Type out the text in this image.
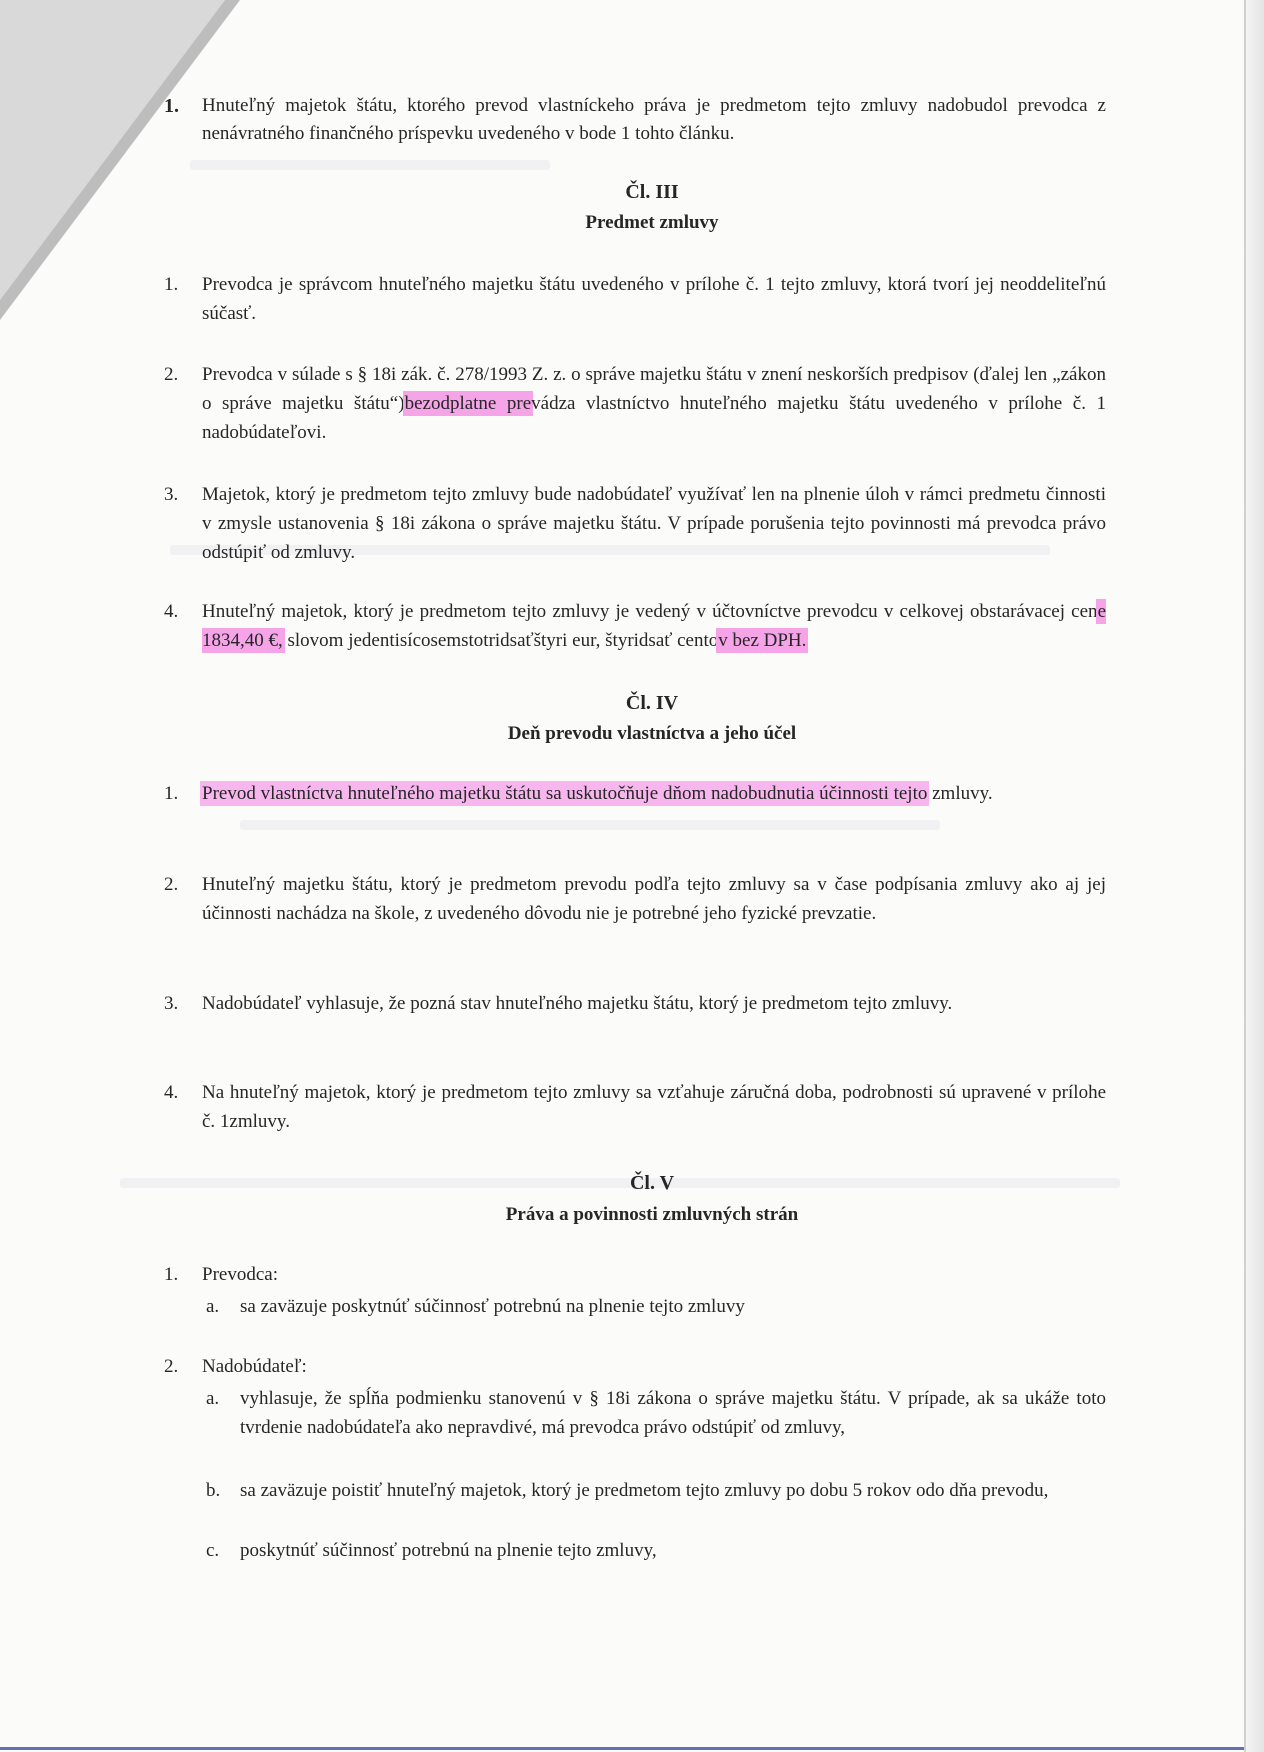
1.	Hnuteľný majetok štátu, ktorého prevod vlastníckeho práva je predmetom tejto zmluvy nadobudol prevodca z nenávratného finančného príspevku uvedeného v bode 1 tohto článku.
Čl. III
Predmet zmluvy
1.	Prevodca je správcom hnuteľného majetku štátu uvedeného v prílohe č. 1 tejto zmluvy, ktorá tvorí jej neoddeliteľnú súčasť.
2.	Prevodca v súlade s § 18i zák. č. 278/1993 Z. z. o správe majetku štátu v znení neskorších predpisov (ďalej len „zákon o správe majetku štátu“)bezodplatne prevádza vlastníctvo hnuteľného majetku štátu uvedeného v prílohe č. 1 nadobúdateľovi.
3.	Majetok, ktorý je predmetom tejto zmluvy bude nadobúdateľ využívať len na plnenie úloh v rámci predmetu činnosti v zmysle ustanovenia § 18i zákona o správe majetku štátu. V prípade porušenia tejto povinnosti má prevodca právo odstúpiť od zmluvy.
4.	Hnuteľný majetok, ktorý je predmetom tejto zmluvy je vedený v účtovníctve prevodcu v celkovej obstarávacej cene 1834,40 €, slovom jedentisícosemstotridsaťštyri eur, štyridsať centov bez DPH.
Čl. IV
Deň prevodu vlastníctva a jeho účel
1.	Prevod vlastníctva hnuteľného majetku štátu sa uskutočňuje dňom nadobudnutia účinnosti tejto zmluvy.
2.	Hnuteľný majetku štátu, ktorý je predmetom prevodu podľa tejto zmluvy sa v čase podpísania zmluvy ako aj jej účinnosti nachádza na škole, z uvedeného dôvodu nie je potrebné jeho fyzické prevzatie.
3.	Nadobúdateľ vyhlasuje, že pozná stav hnuteľného majetku štátu, ktorý je predmetom tejto zmluvy.
4.	Na hnuteľný majetok, ktorý je predmetom tejto zmluvy sa vzťahuje záručná doba, podrobnosti sú upravené v prílohe č. 1zmluvy.
Čl. V
Práva a povinnosti zmluvných strán
1.	Prevodca:
a. sa zaväzuje poskytnúť súčinnosť potrebnú na plnenie tejto zmluvy
2.	Nadobúdateľ:
a. vyhlasuje, že spĺňa podmienku stanovenú v § 18i zákona o správe majetku štátu. V prípade, ak sa ukáže toto tvrdenie nadobúdateľa ako nepravdivé, má prevodca právo odstúpiť od zmluvy,
b. sa zaväzuje poistiť hnuteľný majetok, ktorý je predmetom tejto zmluvy po dobu 5 rokov odo dňa prevodu,
c. poskytnúť súčinnosť potrebnú na plnenie tejto zmluvy,
